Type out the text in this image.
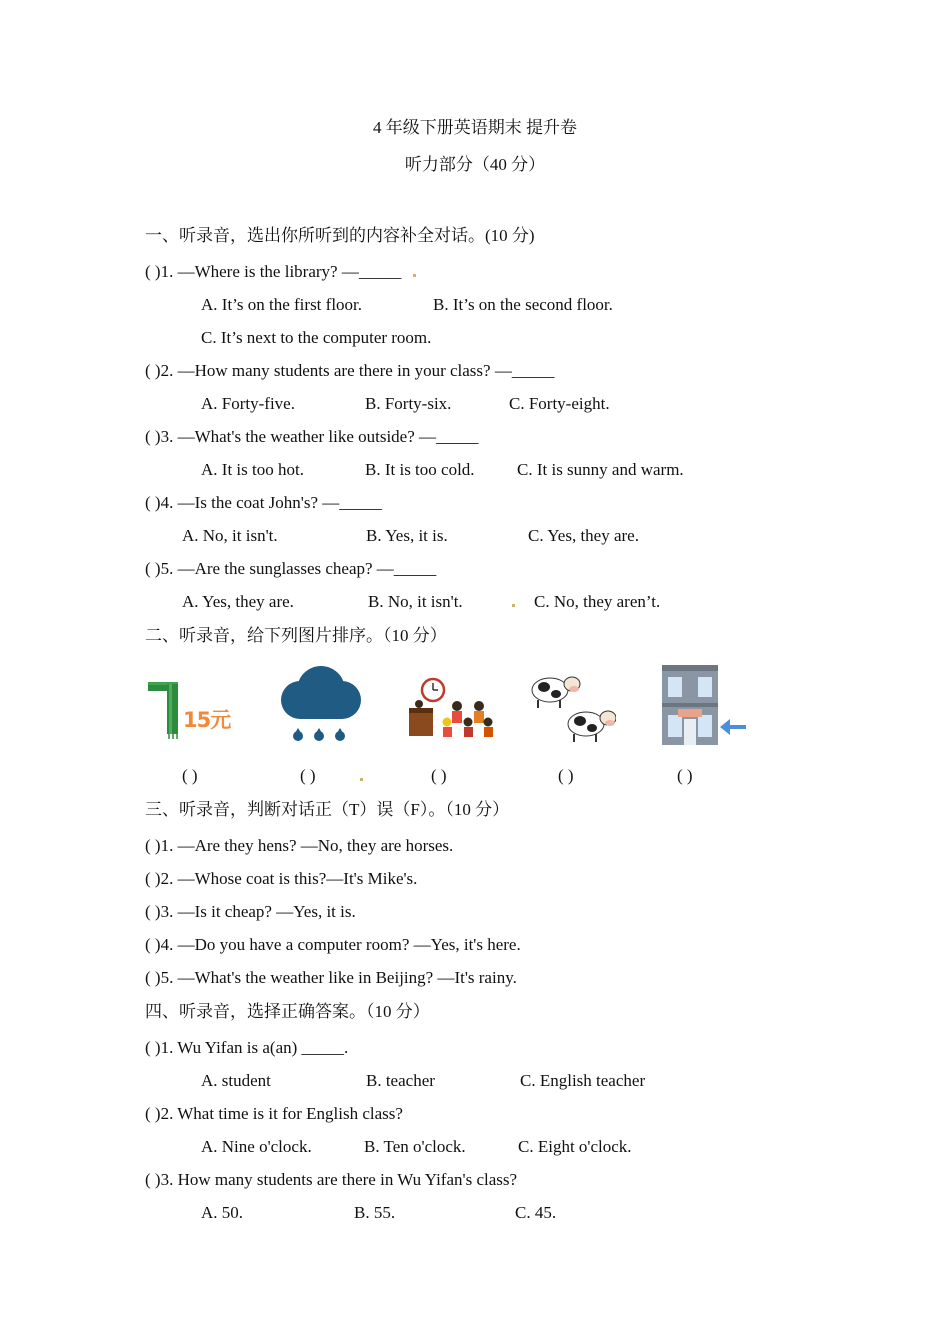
4 年级下册英语期末 提升卷
听力部分（40 分）
一、听录音，选出你所听到的内容补全对话。(10 分)
( )1. —Where is the library? —_____
A. It’s on the first floor.	B. It’s on the second floor.
C. It’s next to the computer room.
( )2. —How many students are there in your class? —_____
A. Forty-five.	B. Forty-six.	C. Forty-eight.
( )3. —What's the weather like outside? —_____
A. It is too hot.	B. It is too cold. C. It is sunny and warm.
( )4. —Is the coat John's? —_____
A. No, it isn't.	B. Yes, it is.	C. Yes, they are.
( )5. —Are the sunglasses cheap? —_____
A. Yes, they are.	B. No, it isn't.	C. No, they aren’t.
二、听录音，给下列图片排序。（10 分）
15元
( )	( )	( )	( )	( )
三、听录音，判断对话正（T）误（F）。（10 分）
( )1. —Are they hens? —No, they are horses.
( )2. —Whose coat is this?—It's Mike's.
( )3. —Is it cheap? —Yes, it is.
( )4. —Do you have a computer room? —Yes, it's here.
( )5. —What's the weather like in Beijing? —It's rainy.
四、听录音，选择正确答案。（10 分）
( )1. Wu Yifan is a(an) _____.
A. student	B. teacher	C. English teacher
( )2. What time is it for English class?
A. Nine o'clock.	B. Ten o'clock.	C. Eight o'clock.
( )3. How many students are there in Wu Yifan's class?
A. 50.	B. 55.	C. 45.
